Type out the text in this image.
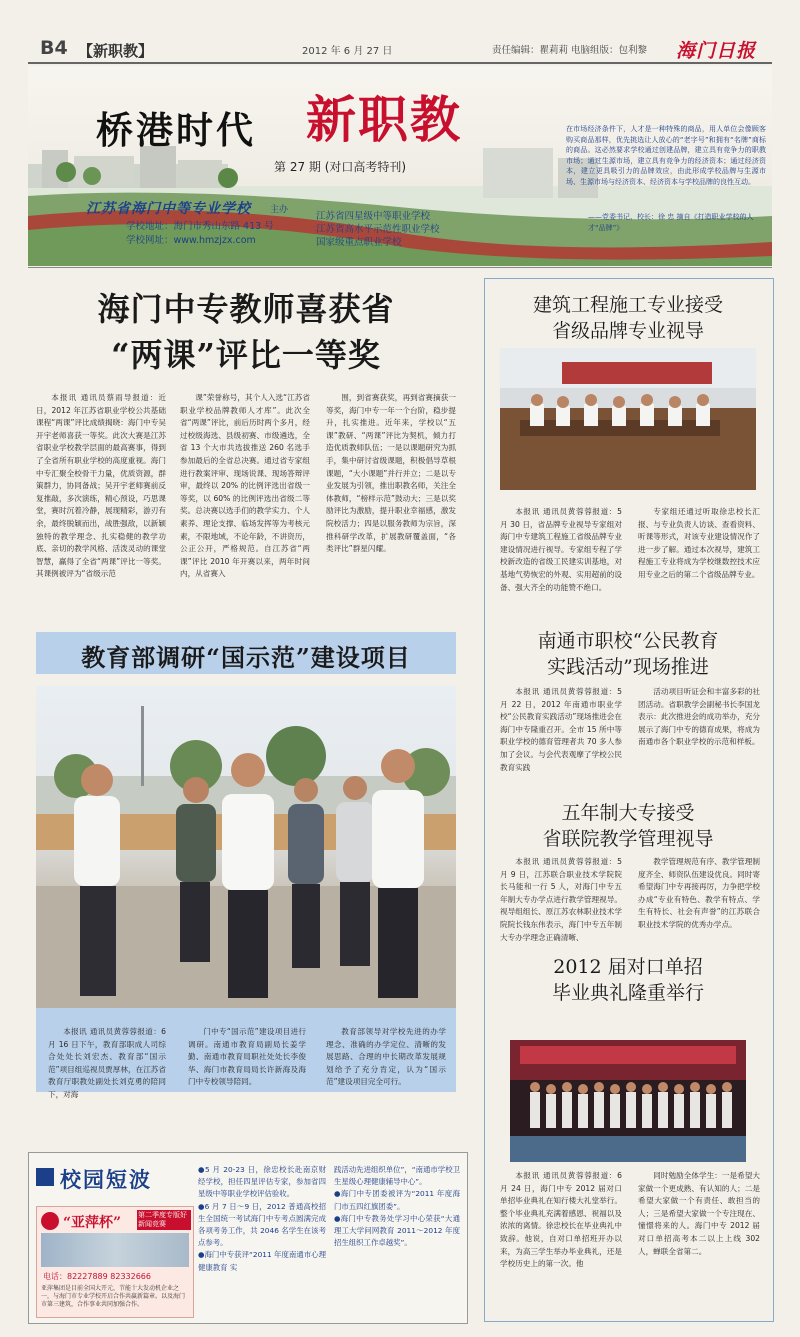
B4 【新职教】	2012 年 6 月 27 日	责任编辑：瞿莉莉 电脑组版：包利黎 海门日报
桥港时代 新职教
第 27 期 (对口高考特刊)
江苏省海门中等专业学校 主办
学校地址：海门市秀山东路 413 号
学校网址：www.hmzjzx.com
江苏省四星级中等职业学校
江苏省高水平示范性职业学校
国家级重点职业学校
在市场经济条件下，人才是一种特殊的商品，用人单位会像顾客购买商品那样，优先挑选让人放心的“老字号”和拥有“名牌”商标的商品。这必然要求学校通过创建品牌，建立具有竞争力的职教市场；通过生源市场，建立具有竞争力的经济资本；通过经济资本，建立更具吸引力的品牌效应，由此形成学校品牌与生源市场、生源市场与经济资本、经济资本与学校品牌的良性互动。
——党委书记、校长：徐 忠 摘自《打造职业学校的人才“品牌”》
海门中专教师喜获省
“两课”评比一等奖

本报讯 通讯员蔡雨导报道：近日，2012 年江苏省职业学校公共基础课程“两课”评比成绩揭晓：海门中专吴开宇老师喜获一等奖。此次大赛是江苏省职业学校教学层面的最高赛事，得到了全省所有职业学校的高度重视。海门中专汇聚全校骨干力量，优质资源，群策群力，协同备战；吴开宇老师赛前反复推敲，多次演练，精心预设，巧思课堂，赛时沉着冷静，展现精彩，游刃有余，最终脱颖而出，战胜强敌，以新颖独特的教学理念、扎实稳健的教学功底、亲切的教学风格、活泼灵动的课堂智慧，赢得了全省“两课”评比一等奖。其课例被评为“省级示范

课”荣誉称号，其个人入选“江苏省职业学校品牌教师人才库”。此次全省“两课”评比，前后历时两个多月，经过校级海选、县级初赛、市级遴选，全省 13 个大市共选拔推送 260 名选手参加最后的全省总决赛。通过省专家组进行教案评审、现场说课、现场答辩评审，最终以 20% 的比例评选出省级一等奖，以 60% 的比例评选出省级二等奖。总决赛以选手们的教学实力、个人素养、理论支撑、临场发挥等为考核元素，不限地域，不论年龄，不讲资历，公正公开，严格规范。自江苏省“两课”评比 2010 年开赛以来，两年时间内，从省赛入

围，到省赛获奖，再到省赛摘获一等奖，海门中专一年一个台阶，稳步提升，扎实推进。近年来，学校以“五课”教研、“两课”评比为契机，倾力打造优质教师队伍；一是以课题研究为抓手，集中研讨省级课题，积极倡导草根课题，“大小课题”并行并立；二是以专业发展为引领，推出职教名师，关注全体教师，“榜样示范”鼓动大；三是以奖励评比为激励，提升职业幸福感，激发院校活力；四是以服务教师为宗旨，深推科研学改革，扩展教研覆盖面，“各类评比”群星闪耀。

教育部调研“国示范”建设项目

本报讯 通讯员黄蓉蓉报道：6 月 16 日下午，教育部职成人司综合处处长刘宏杰、教育部“国示范”项目组巡视员贾厚林，在江苏省教育厅职教处副处长刘克勇的陪同下，对海

门中专“国示范”建设项目进行调研。南通市教育局副局长姜学勤、南通市教育局职社处处长李俊华、海门市教育局局长许新海及海门中专校领导陪同。

教育部领导对学校先进的办学理念、准确的办学定位、清晰的发展思路、合理的中长期改革发展规划给予了充分肯定，认为“国示范”建设项目完全可行。

校园短波
“亚萍杯” 第二季度专版好新闻竞赛
电话：82227889 82332666
亚萍集团是目前全国大开元，节能十大发动机企业之一，与海门市专业学校开启合作共赢新篇章。以及海门市第三建筑，合作事业共同加强合作。
●5 月 20-23 日，徐忠校长赴南京财经学校，担任四星评估专家，参加省四星级中等职业学校评估验收。
●6 月 7 日～9 日，2012 普通高校招生全国统一考试海门中专考点圆满完成各项考务工作，共 2046 名学生在该考点参考。
●海门中专获评“2011 年度南通市心理健康教育 实
践活动先进组织单位”，“南通市学校卫生星级心理健康辅导中心”。
●海门中专团委被评为“2011 年度海门市五四红旗团委”。
●海门中专教务处学习中心荣获“大通理工大学问网教育 2011～2012 年度招生组织工作卓越奖”。
建筑工程施工专业接受
省级品牌专业视导

本报讯 通讯员黄蓉蓉报道：5 月 30 日，省品牌专业视导专家组对海门中专建筑工程施工省级品牌专业建设情况进行视导。专家组专程了学校新改造的省级工民建实训基地，对基地气势恢宏的外观、实用超前的设备、强大齐全的功能赞不绝口。

专家组还通过听取徐忠校长汇报、与专业负责人访谈、查看资料、听课等形式，对该专业建设情况作了进一步了解。通过本次视导，建筑工程施工专业将成为学校继数控技术应用专业之后的第二个省级品牌专业。

南通市职校“公民教育
实践活动”现场推进

本报讯 通讯员黄蓉蓉报道：5 月 22 日，2012 年南通市职业学校“公民教育实践活动”现场推进会在海门中专隆重召开。全市 15 所中等职业学校的德育管理者共 70 多人参加了会议。与会代表观摩了学校公民教育实践

活动项目听证会和丰富多彩的社团活动。省职教学会副秘书长李国龙表示：此次推进会的成功举办，充分展示了海门中专的德育成果，将成为南通市各个职业学校的示范和样板。

五年制大专接受
省联院教学管理视导

本报讯 通讯员黄蓉蓉报道：5 月 9 日，江苏联合职业技术学院院长马能和一行 5 人，对海门中专五年制大专办学点进行教学管理视导。视导组组长、原江苏农林职业技术学院院长钱东伟表示，海门中专五年制大专办学理念正确清晰、

教学管理规范有序、教学管理制度齐全、师资队伍建设优良。同时寄希望海门中专再接再厉，力争把学校办成“专业有特色、教学有特点、学生有特长、社会有声誉”的江苏联合职业技术学院的优秀办学点。

2012 届对口单招
毕业典礼隆重举行

本报讯 通讯员黄蓉蓉报道：6 月 24 日，海门中专 2012 届对口单招毕业典礼在知行楼大礼堂举行。整个毕业典礼充满着感恩、祝福以及浓浓的离情。徐忠校长在毕业典礼中致辞。他说，自对口单招班开办以来，为高三学生举办毕业典礼，还是学校历史上的第一次。他

同时勉励全体学生：一是希望大家做一个更成熟、有认知的人；二是希望大家做一个有责任、敢担当的人；三是希望大家做一个专注现在、憧憬将来的人。海门中专 2012 届对口单招高考本二以上上线 302 人，蝉联全省第二。
